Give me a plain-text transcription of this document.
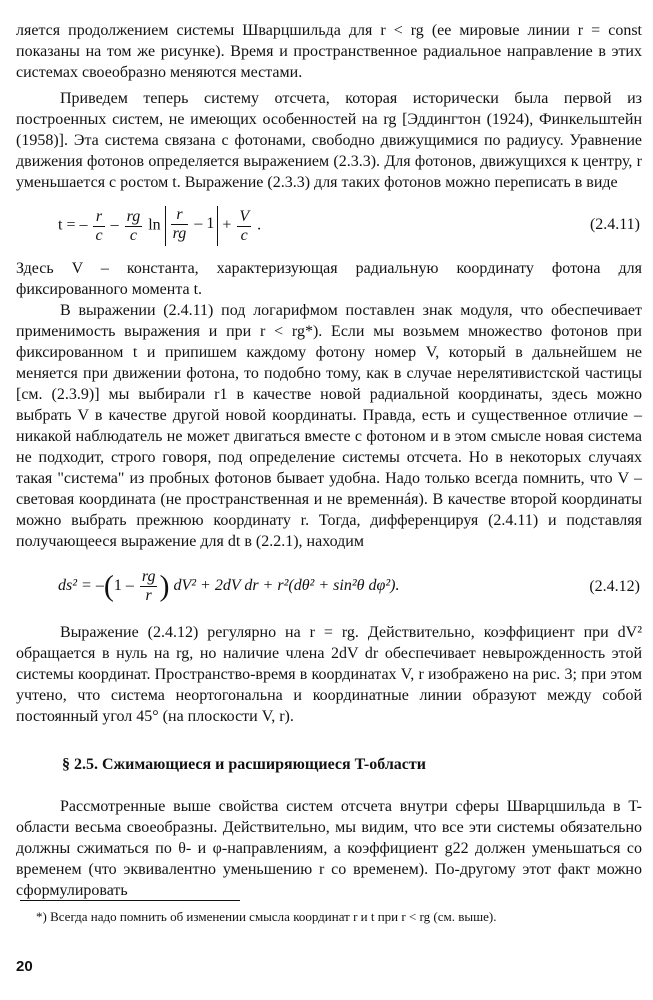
ляется продолжением системы Шварцшильда для r < rg (ее мировые линии r = const показаны на том же рисунке). Время и пространственное радиальное направление в этих системах своеобразно меняются местами.

Приведем теперь систему отсчета, которая исторически была первой из построенных систем, не имеющих особенностей на rg [Эддингтон (1924), Финкельштейн (1958)]. Эта система связана с фотонами, свободно движущимися по радиусу. Уравнение движения фотонов определяется выражением (2.3.3). Для фотонов, движущихся к центру, r уменьшается с ростом t. Выражение (2.3.3) для таких фотонов можно переписать в виде

t = – $\frac{r}{c} - \frac{rg}{c}$ $\ln \frac{r}{rg} - 1 + \frac{V}{c}$ .	(2.4.11)

Здесь V – константа, характеризующая радиальную координату фотона для фиксированного момента t.

В выражении (2.4.11) под логарифмом поставлен знак модуля, что обеспечивает применимость выражения и при r < rg*). Если мы возьмем множество фотонов при фиксированном t и припишем каждому фотону номер V, который в дальнейшем не меняется при движении фотона, то подобно тому, как в случае нерелятивистской частицы [см. (2.3.9)] мы выбирали r1 в качестве новой радиальной координаты, здесь можно выбрать V в качестве другой новой координаты. Правда, есть и существенное отличие – никакой наблюдатель не может двигаться вместе с фотоном и в этом смысле новая система не подходит, строго говоря, под определение системы отсчета. Но в некоторых случаях такая "система" из пробных фотонов бывает удобна. Надо только всегда помнить, что V – световая координата (не пространственная и не временнáя). В качестве второй координаты можно выбрать прежнюю координату r. Тогда, дифференцируя (2.4.11) и подставляя получающееся выражение для dt в (2.2.1), находим

$ds^2 = -(1 - \frac{rg}{r}$ ) dV² + 2dV dr + r²(dθ² + sin²θ dφ²).	(2.4.12)

Выражение (2.4.12) регулярно на r = rg. Действительно, коэффициент при dV² обращается в нуль на rg, но наличие члена 2dV dr обеспечивает невырожденность этой системы координат. Пространство-время в координатах V, r изображено на рис. 3; при этом учтено, что система неортогональна и координатные линии образуют между собой постоянный угол 45° (на плоскости V, r).

§ 2.5. Сжимающиеся и расширяющиеся T-области

Рассмотренные выше свойства систем отсчета внутри сферы Шварцшильда в T-области весьма своеобразны. Действительно, мы видим, что все эти системы обязательно должны сжиматься по θ- и φ-направлениям, а коэффициент g22 должен уменьшаться со временем (что эквивалентно уменьшению r со временем). По-другому этот факт можно сформулировать

*) Всегда надо помнить об изменении смысла координат r и t при r < rg (см. выше).
20
